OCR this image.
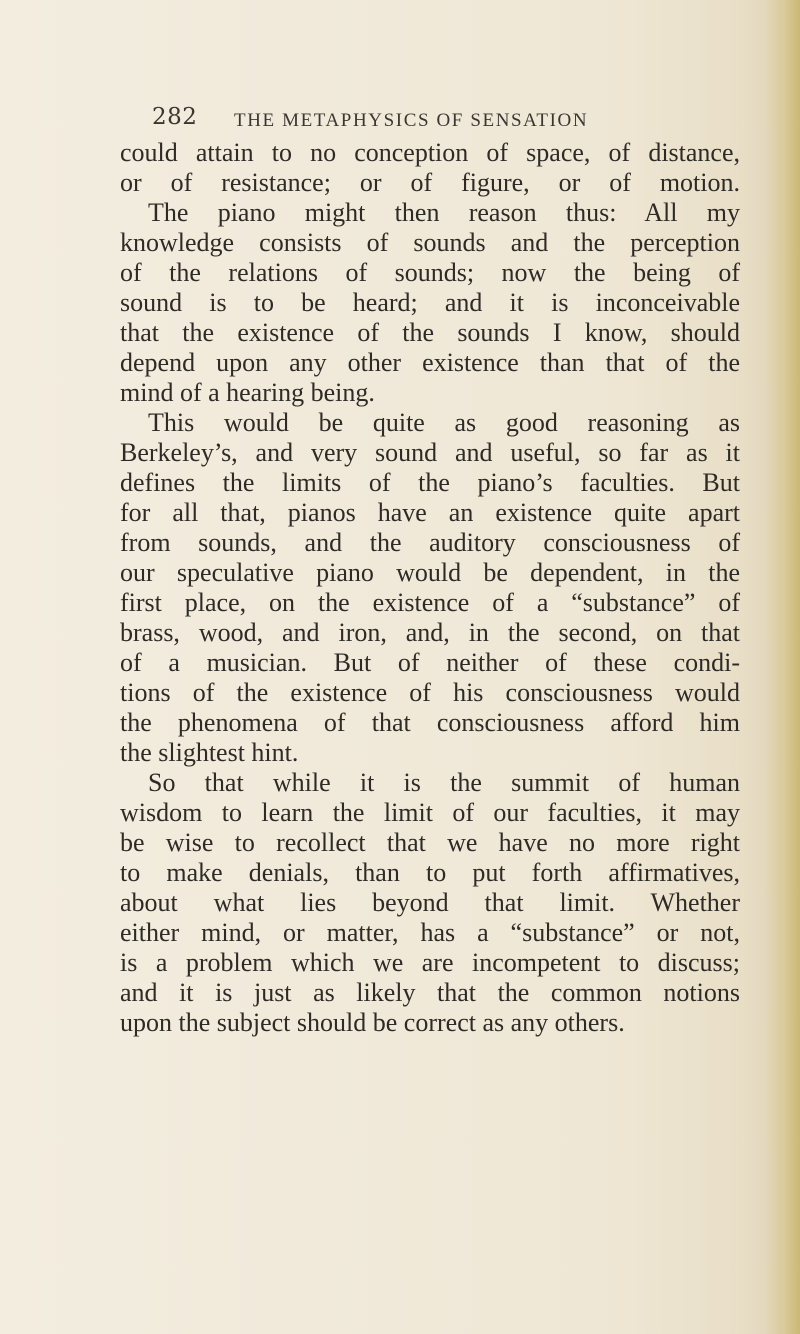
282 THE METAPHYSICS OF SENSATION
could attain to no conception of space, of distance,
or of resistance; or of figure, or of motion.
The piano might then reason thus: All my
knowledge consists of sounds and the perception
of the relations of sounds; now the being of
sound is to be heard; and it is inconceivable
that the existence of the sounds I know, should
depend upon any other existence than that of the
mind of a hearing being.
This would be quite as good reasoning as
Berkeley’s, and very sound and useful, so far as it
defines the limits of the piano’s faculties. But
for all that, pianos have an existence quite apart
from sounds, and the auditory consciousness of
our speculative piano would be dependent, in the
first place, on the existence of a “substance” of
brass, wood, and iron, and, in the second, on that
of a musician. But of neither of these condi-
tions of the existence of his consciousness would
the phenomena of that consciousness afford him
the slightest hint.
So that while it is the summit of human
wisdom to learn the limit of our faculties, it may
be wise to recollect that we have no more right
to make denials, than to put forth affirmatives,
about what lies beyond that limit. Whether
either mind, or matter, has a “substance” or not,
is a problem which we are incompetent to discuss;
and it is just as likely that the common notions
upon the subject should be correct as any others.
